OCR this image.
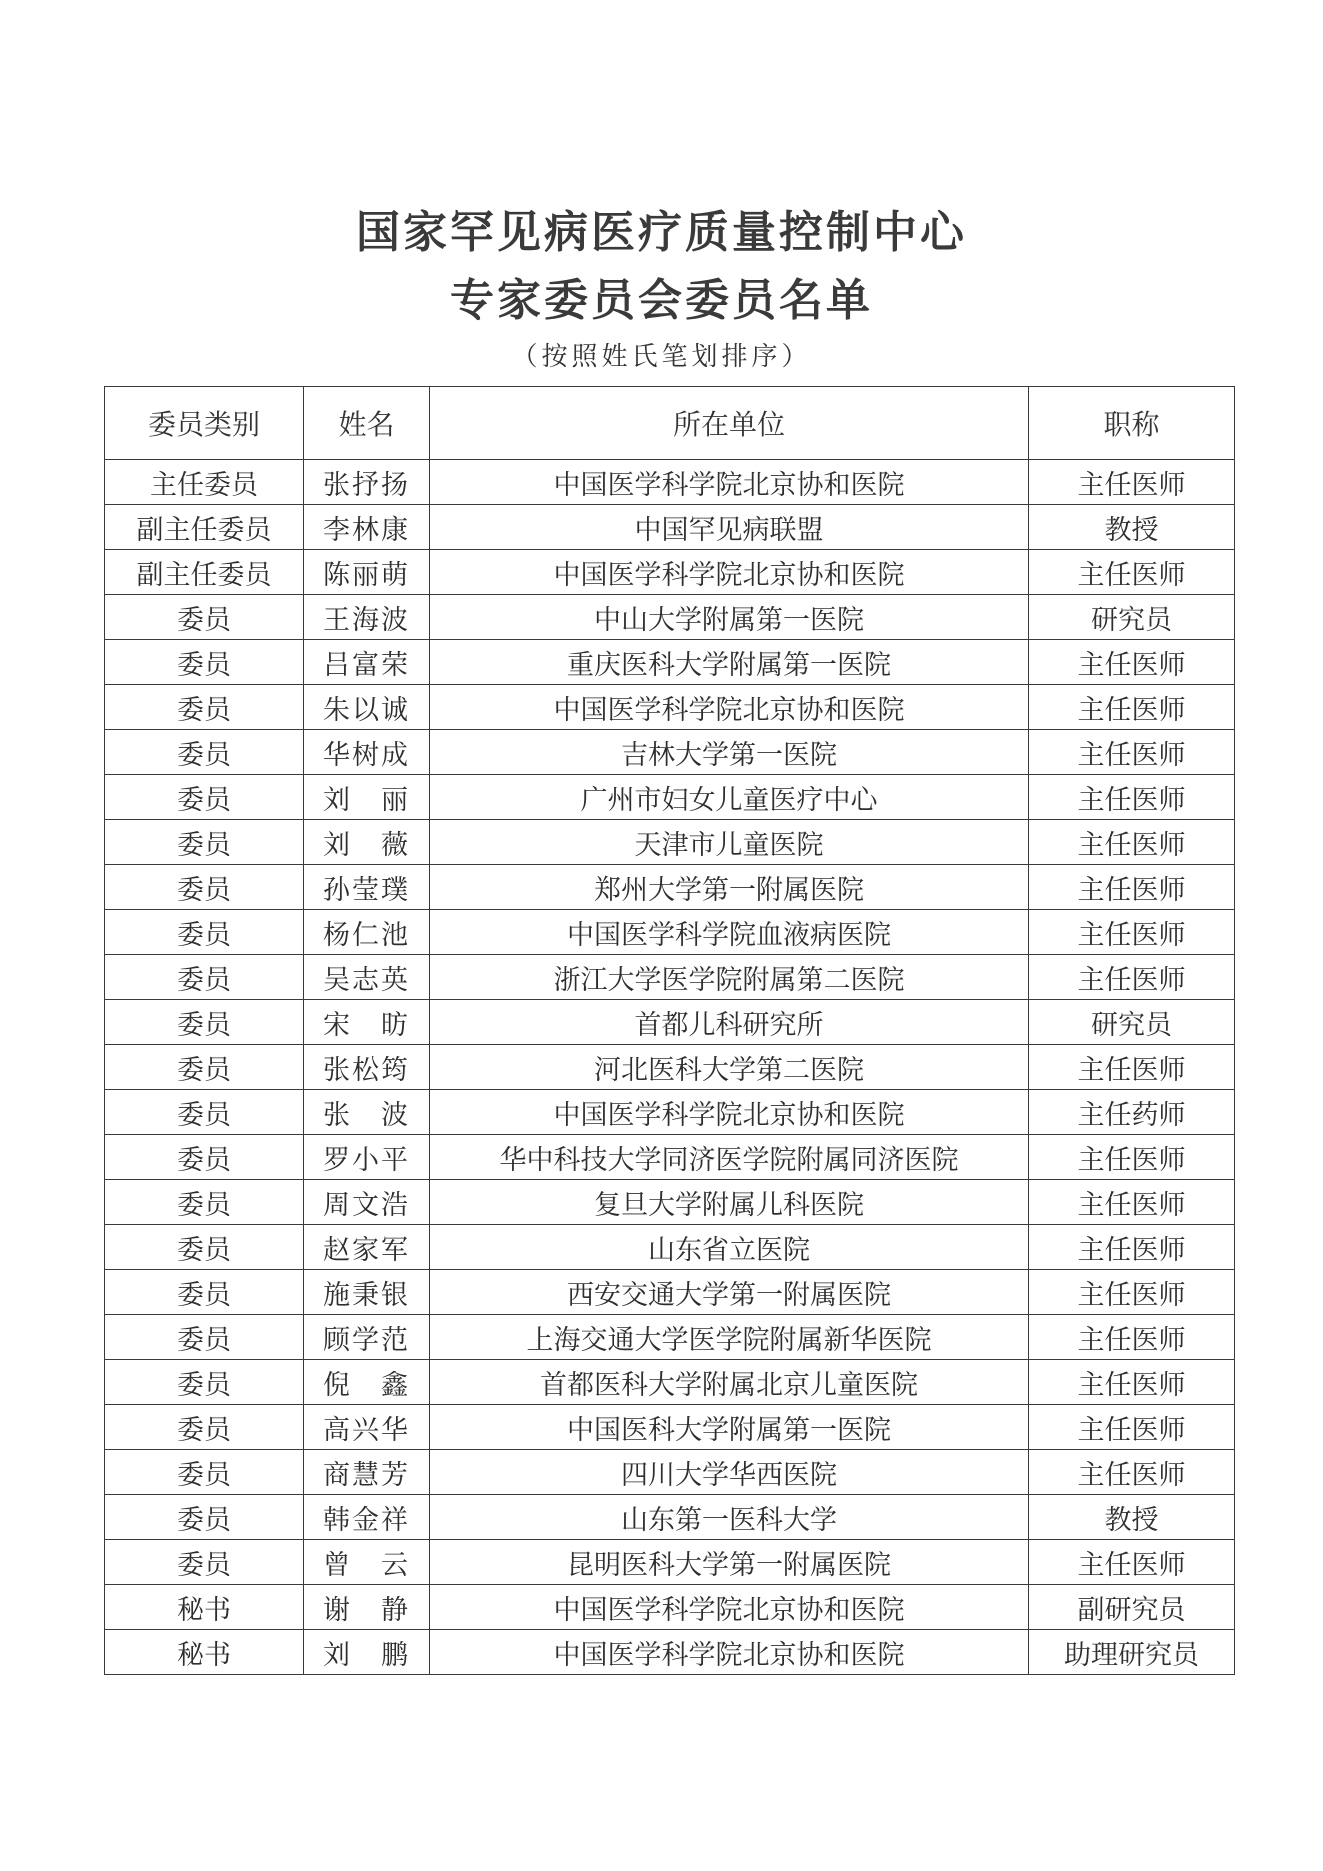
国家罕见病医疗质量控制中心
专家委员会委员名单
（按照姓氏笔划排序）
委员类别	姓名	所在单位	职称
主任委员	张抒扬	中国医学科学院北京协和医院	主任医师
副主任委员	李林康	中国罕见病联盟	教授
副主任委员	陈丽萌	中国医学科学院北京协和医院	主任医师
委员	王海波	中山大学附属第一医院	研究员
委员	吕富荣	重庆医科大学附属第一医院	主任医师
委员	朱以诚	中国医学科学院北京协和医院	主任医师
委员	华树成	吉林大学第一医院	主任医师
委员	刘　丽	广州市妇女儿童医疗中心	主任医师
委员	刘　薇	天津市儿童医院	主任医师
委员	孙莹璞	郑州大学第一附属医院	主任医师
委员	杨仁池	中国医学科学院血液病医院	主任医师
委员	吴志英	浙江大学医学院附属第二医院	主任医师
委员	宋　昉	首都儿科研究所	研究员
委员	张松筠	河北医科大学第二医院	主任医师
委员	张　波	中国医学科学院北京协和医院	主任药师
委员	罗小平	华中科技大学同济医学院附属同济医院	主任医师
委员	周文浩	复旦大学附属儿科医院	主任医师
委员	赵家军	山东省立医院	主任医师
委员	施秉银	西安交通大学第一附属医院	主任医师
委员	顾学范	上海交通大学医学院附属新华医院	主任医师
委员	倪　鑫	首都医科大学附属北京儿童医院	主任医师
委员	高兴华	中国医科大学附属第一医院	主任医师
委员	商慧芳	四川大学华西医院	主任医师
委员	韩金祥	山东第一医科大学	教授
委员	曾　云	昆明医科大学第一附属医院	主任医师
秘书	谢　静	中国医学科学院北京协和医院	副研究员
秘书	刘　鹏	中国医学科学院北京协和医院	助理研究员
